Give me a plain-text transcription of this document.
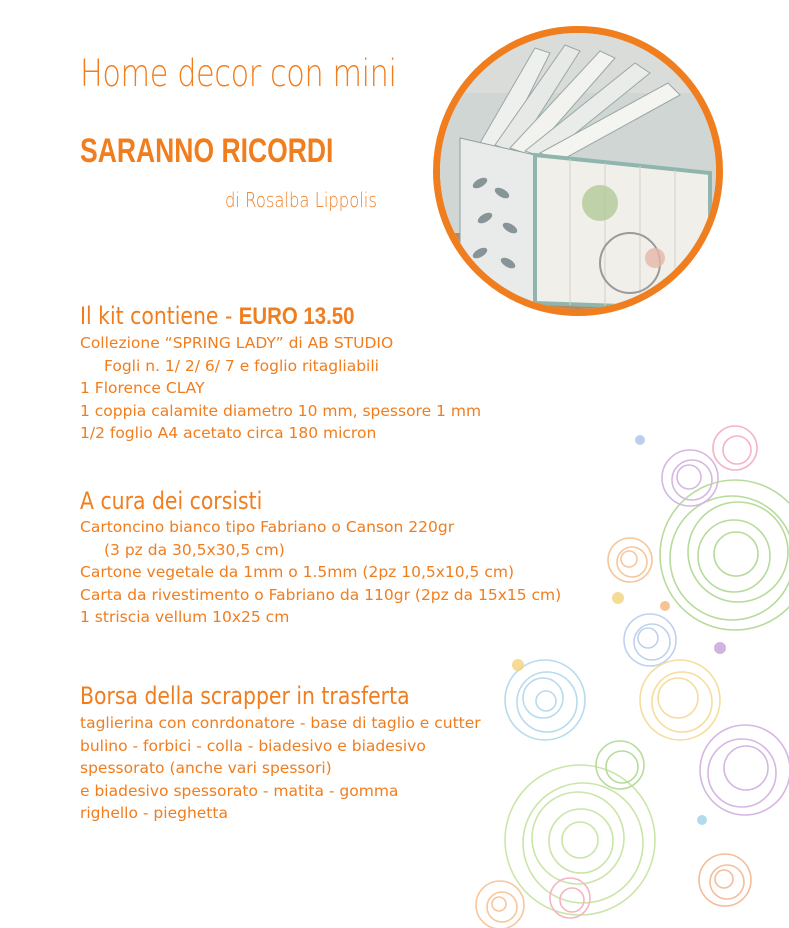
Home decor con mini
SARANNO RICORDI
di Rosalba Lippolis
Il kit contiene - EURO 13.50
Collezione “SPRING LADY” di AB STUDIO
Fogli n. 1/ 2/ 6/ 7 e foglio ritagliabili
1 Florence CLAY
1 coppia calamite diametro 10 mm, spessore 1 mm
1/2 foglio A4 acetato circa 180 micron
A cura dei corsisti
Cartoncino bianco tipo Fabriano o Canson 220gr
(3 pz da 30,5x30,5 cm)
Cartone vegetale da 1mm o 1.5mm (2pz 10,5x10,5 cm)
Carta da rivestimento o Fabriano da 110gr (2pz da 15x15 cm)
1 striscia vellum 10x25 cm
Borsa della scrapper in trasferta
taglierina con conrdonatore - base di taglio e cutter
bulino - forbici - colla - biadesivo e biadesivo
spessorato (anche vari spessori)
e biadesivo spessorato - matita - gomma
righello - pieghetta
